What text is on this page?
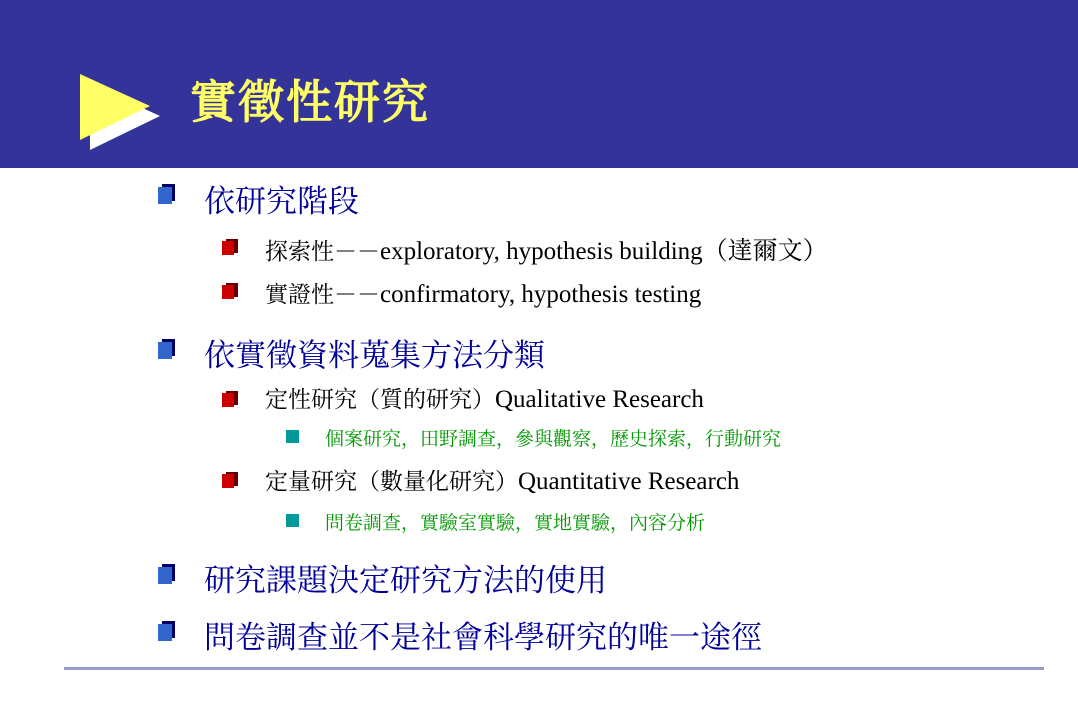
實徵性研究
依研究階段
探索性－－exploratory, hypothesis building（達爾文）
實證性－－confirmatory, hypothesis testing
依實徵資料蒐集方法分類
定性研究（質的研究）Qualitative Research
個案研究，田野調查，參與觀察，歷史探索，行動研究
定量研究（數量化研究）Quantitative Research
問卷調查，實驗室實驗，實地實驗，內容分析
研究課題決定研究方法的使用
問卷調查並不是社會科學研究的唯一途徑
